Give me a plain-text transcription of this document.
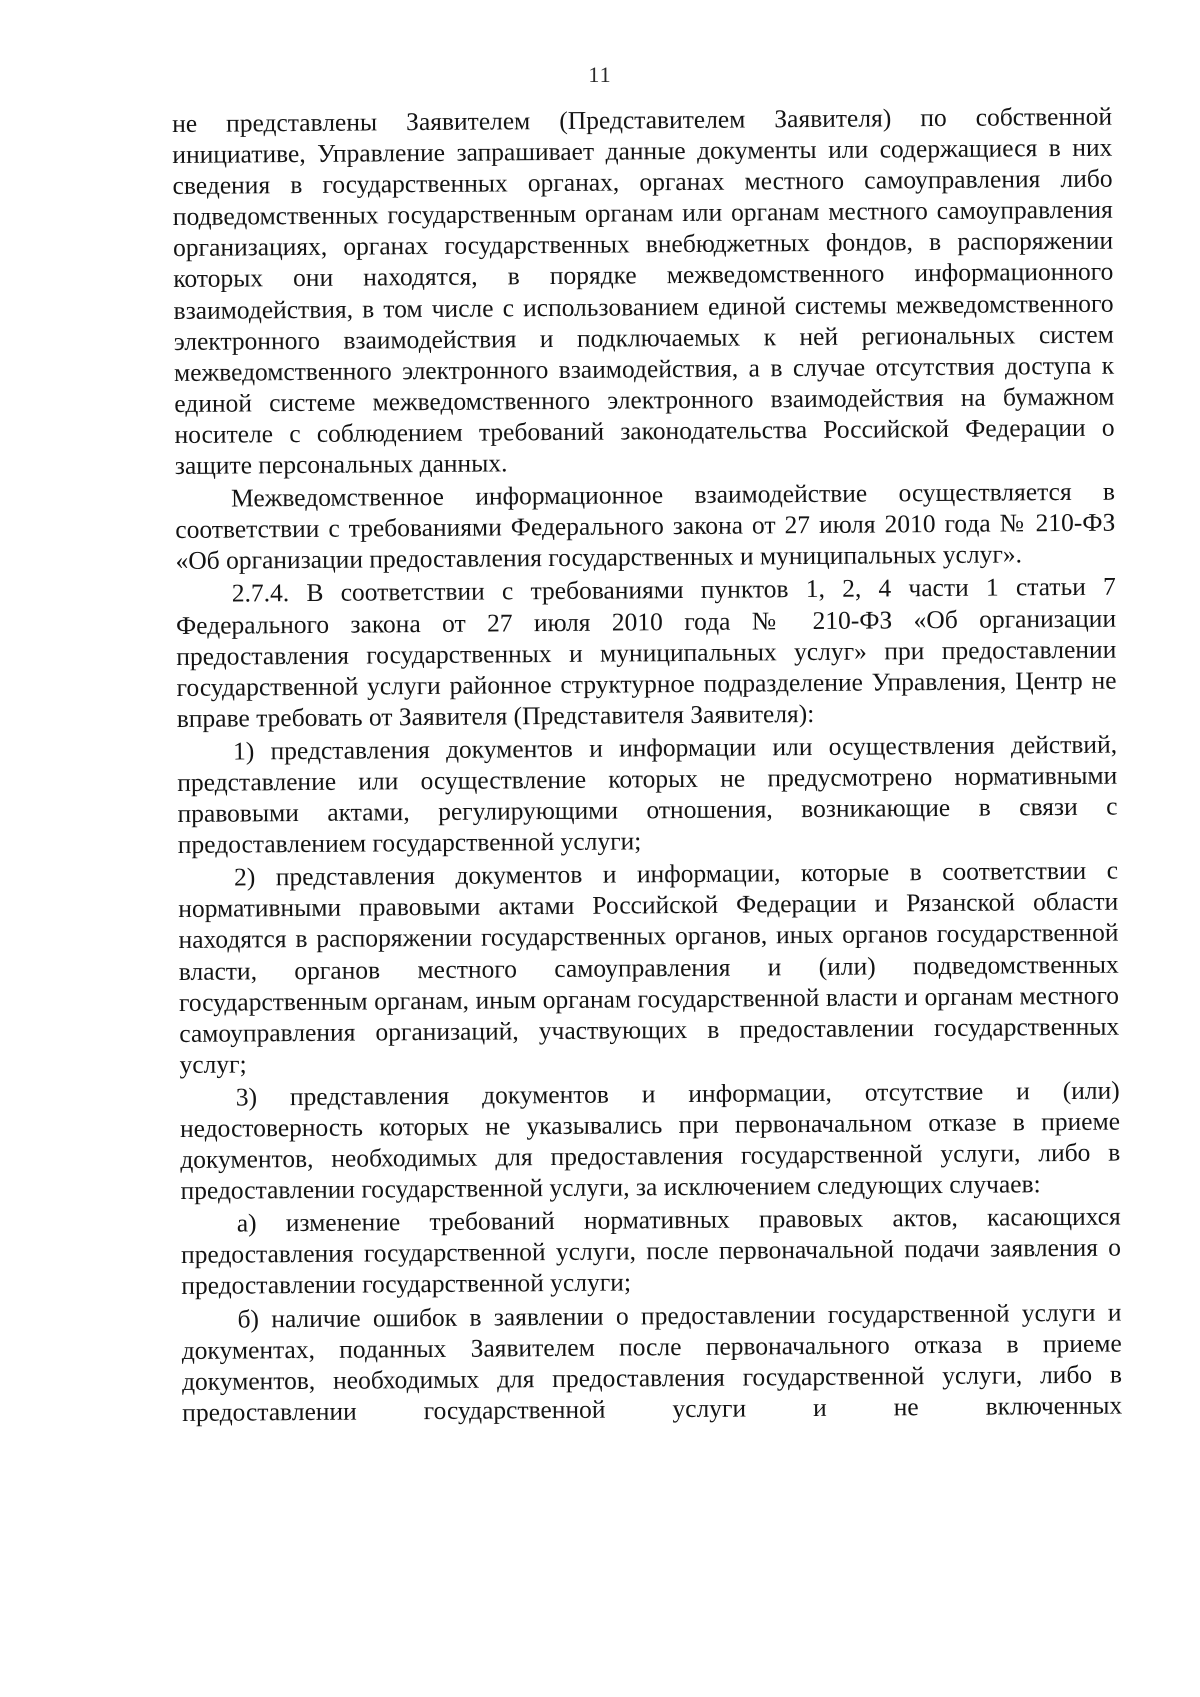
11

не представлены Заявителем (Представителем Заявителя) по собственной инициативе, Управление запрашивает данные документы или содержащиеся в них сведения в государственных органах, органах местного самоуправления либо подведомственных государственным органам или органам местного самоуправления организациях, органах государственных внебюджетных фондов, в распоряжении которых они находятся, в порядке межведомственного информационного взаимодействия, в том числе с использованием единой системы межведомственного электронного взаимодействия и подключаемых к ней региональных систем межведомственного электронного взаимодействия, а в случае отсутствия доступа к единой системе межведомственного электронного взаимодействия на бумажном носителе с соблюдением требований законодательства Российской Федерации о защите персональных данных.

Межведомственное информационное взаимодействие осуществляется в соответствии с требованиями Федерального закона от 27 июля 2010 года № 210-ФЗ «Об организации предоставления государственных и муниципальных услуг».

2.7.4. В соответствии с требованиями пунктов 1, 2, 4 части 1 статьи 7 Федерального закона от 27 июля 2010 года № 210-ФЗ «Об организации предоставления государственных и муниципальных услуг» при предоставлении государственной услуги районное структурное подразделение Управления, Центр не вправе требовать от Заявителя (Представителя Заявителя):

1) представления документов и информации или осуществления действий, представление или осуществление которых не предусмотрено нормативными правовыми актами, регулирующими отношения, возникающие в связи с предоставлением государственной услуги;

2) представления документов и информации, которые в соответствии с нормативными правовыми актами Российской Федерации и Рязанской области находятся в распоряжении государственных органов, иных органов государственной власти, органов местного самоуправления и (или) подведомственных государственным органам, иным органам государственной власти и органам местного самоуправления организаций, участвующих в предоставлении государственных услуг;

3) представления документов и информации, отсутствие и (или) недостоверность которых не указывались при первоначальном отказе в приеме документов, необходимых для предоставления государственной услуги, либо в предоставлении государственной услуги, за исключением следующих случаев:

а) изменение требований нормативных правовых актов, касающихся предоставления государственной услуги, после первоначальной подачи заявления о предоставлении государственной услуги;

б) наличие ошибок в заявлении о предоставлении государственной услуги и документах, поданных Заявителем после первоначального отказа в приеме документов, необходимых для предоставления государственной услуги, либо в предоставлении государственной услуги и не включенных
